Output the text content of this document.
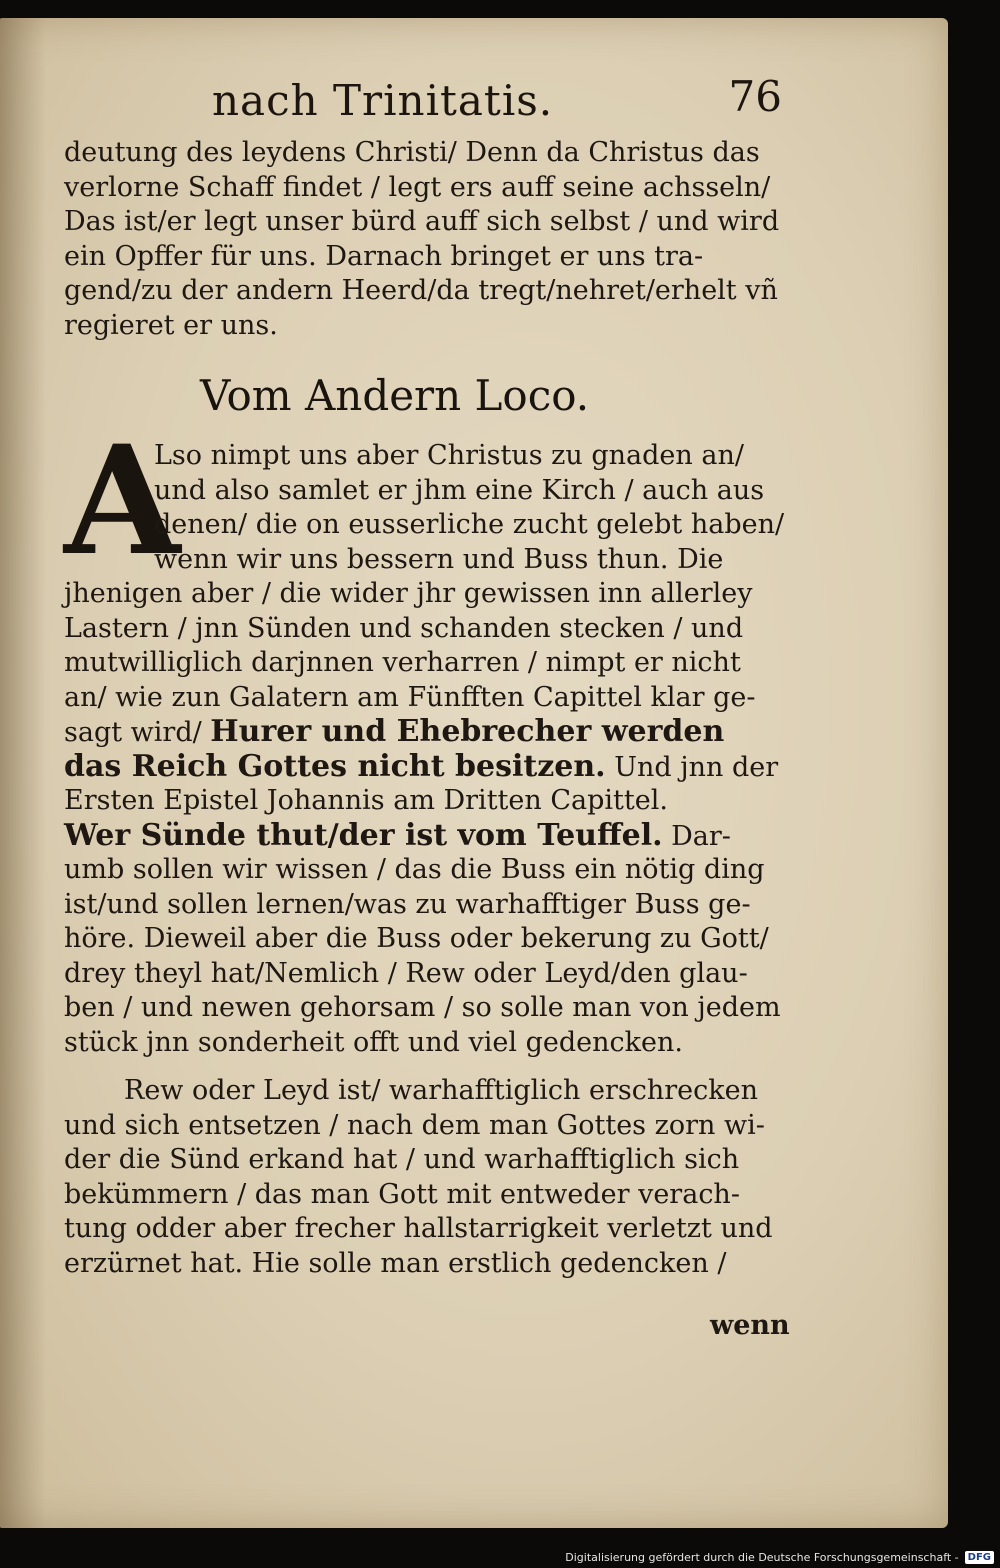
nach Trinitatis.	76
A
deutung des leydens Christi/ Denn da Christus das
verlorne Schaff findet / legt ers auff seine achsseln/
Das ist/er legt unser bürd auff sich selbst / und wird
ein Opffer für uns. Darnach bringet er uns tra-
gend/zu der andern Heerd/da tregt/nehret/erhelt vñ
regieret er uns.
Vom Andern Loco.
Lso nimpt uns aber Christus zu gnaden an/
und also samlet er jhm eine Kirch / auch aus
denen/ die on eusserliche zucht gelebt haben/
wenn wir uns bessern und Buss thun. Die
jhenigen aber / die wider jhr gewissen inn allerley
Lastern / jnn Sünden und schanden stecken / und
mutwilliglich darjnnen verharren / nimpt er nicht
an/ wie zun Galatern am Fünfften Capittel klar ge-
sagt wird/ Hurer und Ehebrecher werden
das Reich Gottes nicht besitzen. Und jnn der
Ersten Epistel Johannis am Dritten Capittel.
Wer Sünde thut/der ist vom Teuffel. Dar-
umb sollen wir wissen / das die Buss ein nötig ding
ist/und sollen lernen/was zu warhafftiger Buss ge-
höre. Dieweil aber die Buss oder bekerung zu Gott/
drey theyl hat/Nemlich / Rew oder Leyd/den glau-
ben / und newen gehorsam / so solle man von jedem
stück jnn sonderheit offt und viel gedencken.
Rew oder Leyd ist/ warhafftiglich erschrecken
und sich entsetzen / nach dem man Gottes zorn wi-
der die Sünd erkand hat / und warhafftiglich sich
bekümmern / das man Gott mit entweder verach-
tung odder aber frecher hallstarrigkeit verletzt und
erzürnet hat. Hie solle man erstlich gedencken /
wenn
Digitalisierung gefördert durch die Deutsche Forschungsgemeinschaft - DFG
